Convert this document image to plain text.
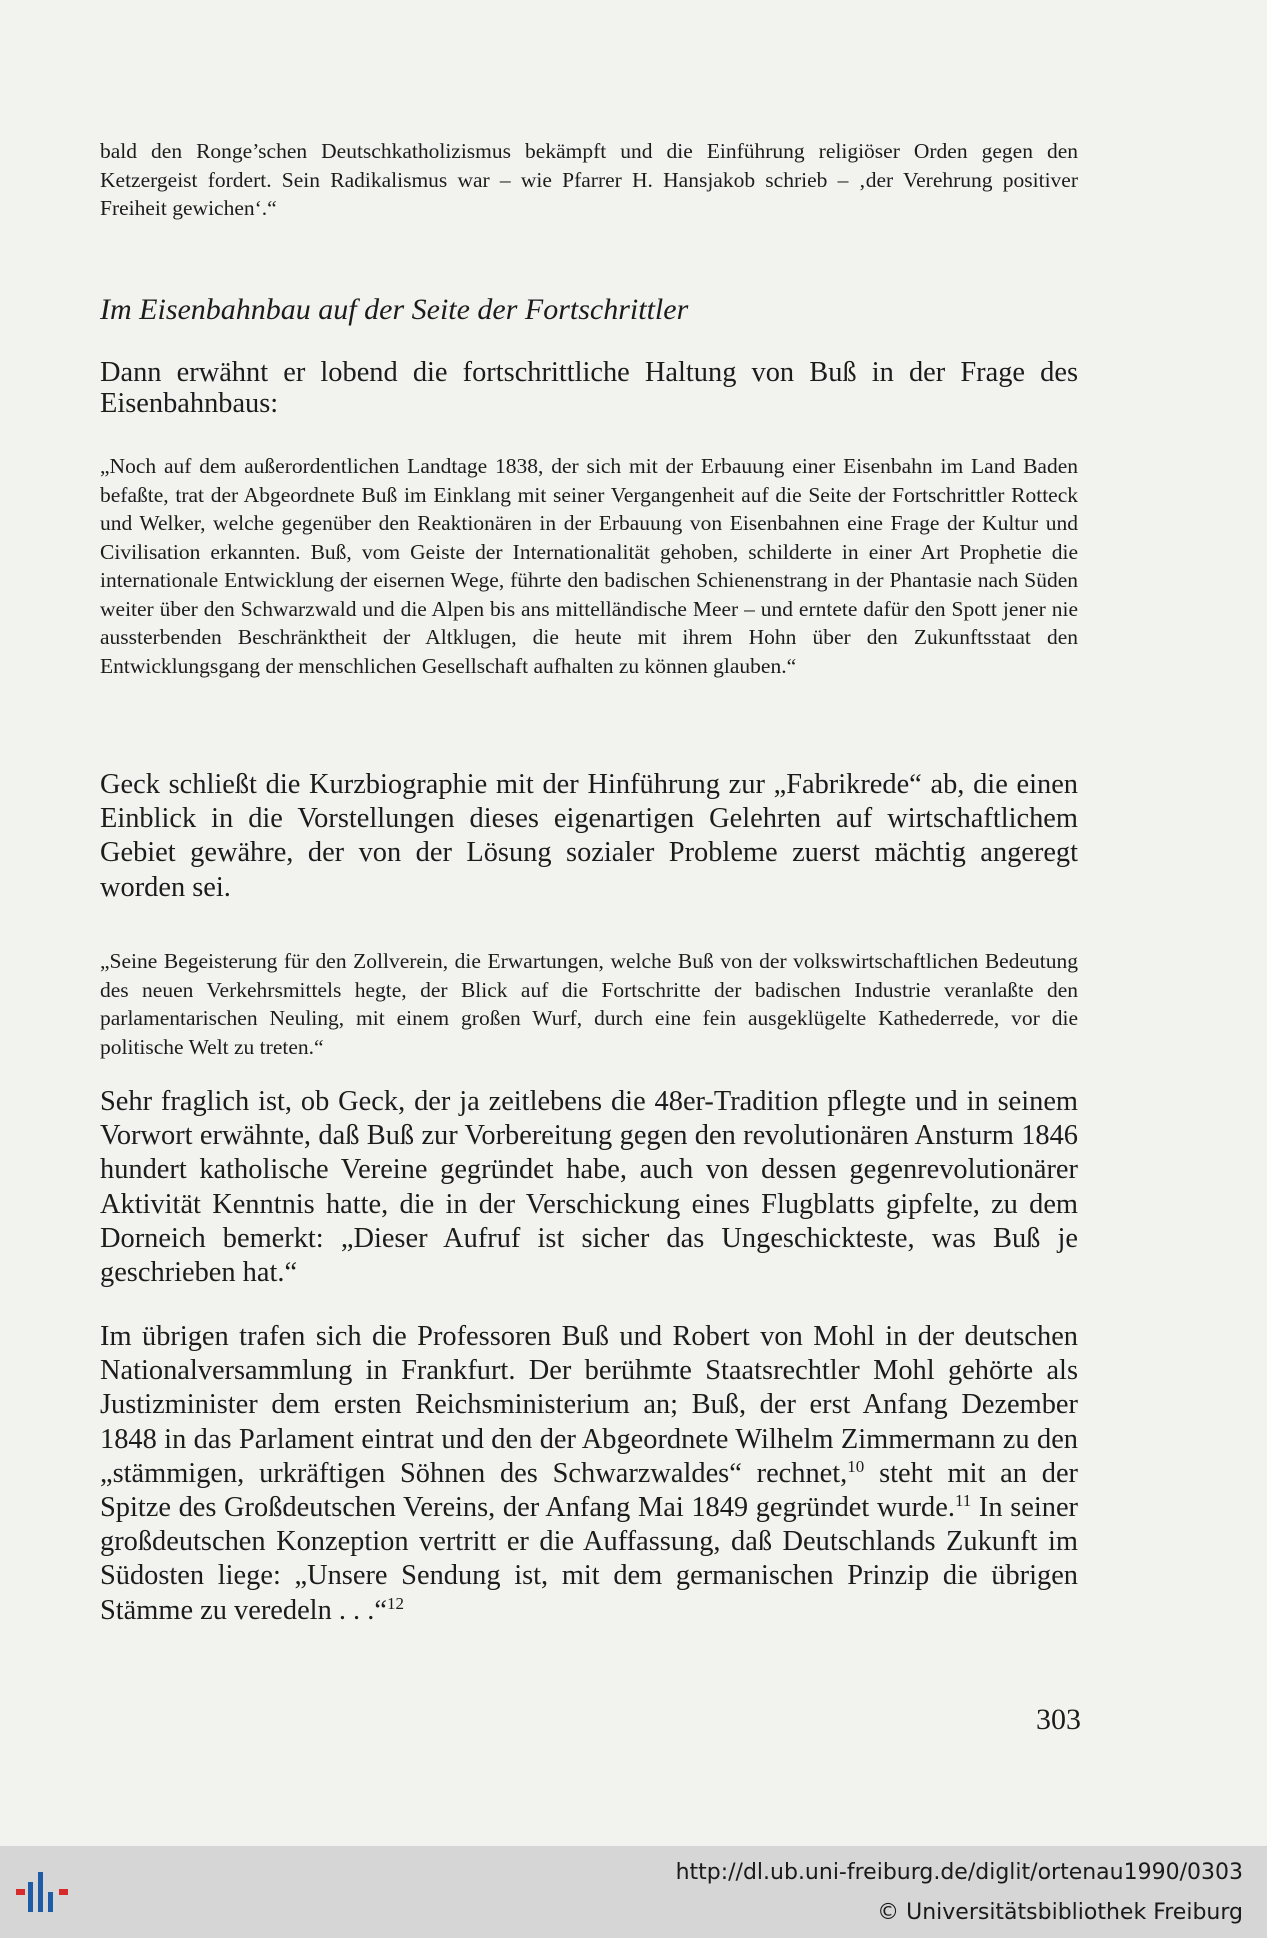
bald den Ronge’schen Deutschkatholizismus bekämpft und die Einführung religiöser Orden gegen den Ketzergeist fordert. Sein Radikalismus war – wie Pfarrer H. Hansjakob schrieb – ‚der Verehrung positiver Freiheit gewichen‘.“

Im Eisenbahnbau auf der Seite der Fortschrittler

Dann erwähnt er lobend die fortschrittliche Haltung von Buß in der Frage des Eisenbahnbaus:

„Noch auf dem außerordentlichen Landtage 1838, der sich mit der Erbauung einer Eisenbahn im Land Baden befaßte, trat der Abgeordnete Buß im Einklang mit seiner Vergangenheit auf die Seite der Fortschrittler Rotteck und Welker, welche gegenüber den Reaktionären in der Erbauung von Eisenbahnen eine Frage der Kultur und Civilisation erkannten. Buß, vom Geiste der Internationalität gehoben, schilderte in einer Art Prophetie die internationale Entwicklung der eisernen Wege, führte den badischen Schienenstrang in der Phantasie nach Süden weiter über den Schwarzwald und die Alpen bis ans mittelländische Meer – und erntete dafür den Spott jener nie aussterbenden Beschränktheit der Altklugen, die heute mit ihrem Hohn über den Zukunftsstaat den Entwicklungsgang der menschlichen Gesellschaft aufhalten zu können glauben.“

Geck schließt die Kurzbiographie mit der Hinführung zur „Fabrikrede“ ab, die einen Einblick in die Vorstellungen dieses eigenartigen Gelehrten auf wirtschaftlichem Gebiet gewähre, der von der Lösung sozialer Probleme zuerst mächtig angeregt worden sei.

„Seine Begeisterung für den Zollverein, die Erwartungen, welche Buß von der volkswirtschaftlichen Bedeutung des neuen Verkehrsmittels hegte, der Blick auf die Fortschritte der badischen Industrie veranlaßte den parlamentarischen Neuling, mit einem großen Wurf, durch eine fein ausgeklügelte Kathederrede, vor die politische Welt zu treten.“

Sehr fraglich ist, ob Geck, der ja zeitlebens die 48er-Tradition pflegte und in seinem Vorwort erwähnte, daß Buß zur Vorbereitung gegen den revolutionären Ansturm 1846 hundert katholische Vereine gegründet habe, auch von dessen gegenrevolutionärer Aktivität Kenntnis hatte, die in der Verschickung eines Flugblatts gipfelte, zu dem Dorneich bemerkt: „Dieser Aufruf ist sicher das Ungeschickteste, was Buß je geschrieben hat.“

Im übrigen trafen sich die Professoren Buß und Robert von Mohl in der deutschen Nationalversammlung in Frankfurt. Der berühmte Staatsrechtler Mohl gehörte als Justizminister dem ersten Reichsministerium an; Buß, der erst Anfang Dezember 1848 in das Parlament eintrat und den der Abgeordnete Wilhelm Zimmermann zu den „stämmigen, urkräftigen Söhnen des Schwarzwaldes“ rechnet,$^{10}$ steht mit an der Spitze des Großdeutschen Vereins, der Anfang Mai 1849 gegründet wurde.$^{11}$ In seiner großdeutschen Konzeption vertritt er die Auffassung, daß Deutschlands Zukunft im Südosten liege: „Unsere Sendung ist, mit dem germanischen Prinzip die übrigen Stämme zu veredeln . . .“$^{12}$

303

http://dl.ub.uni-freiburg.de/diglit/ortenau1990/0303

© Universitätsbibliothek Freiburg
